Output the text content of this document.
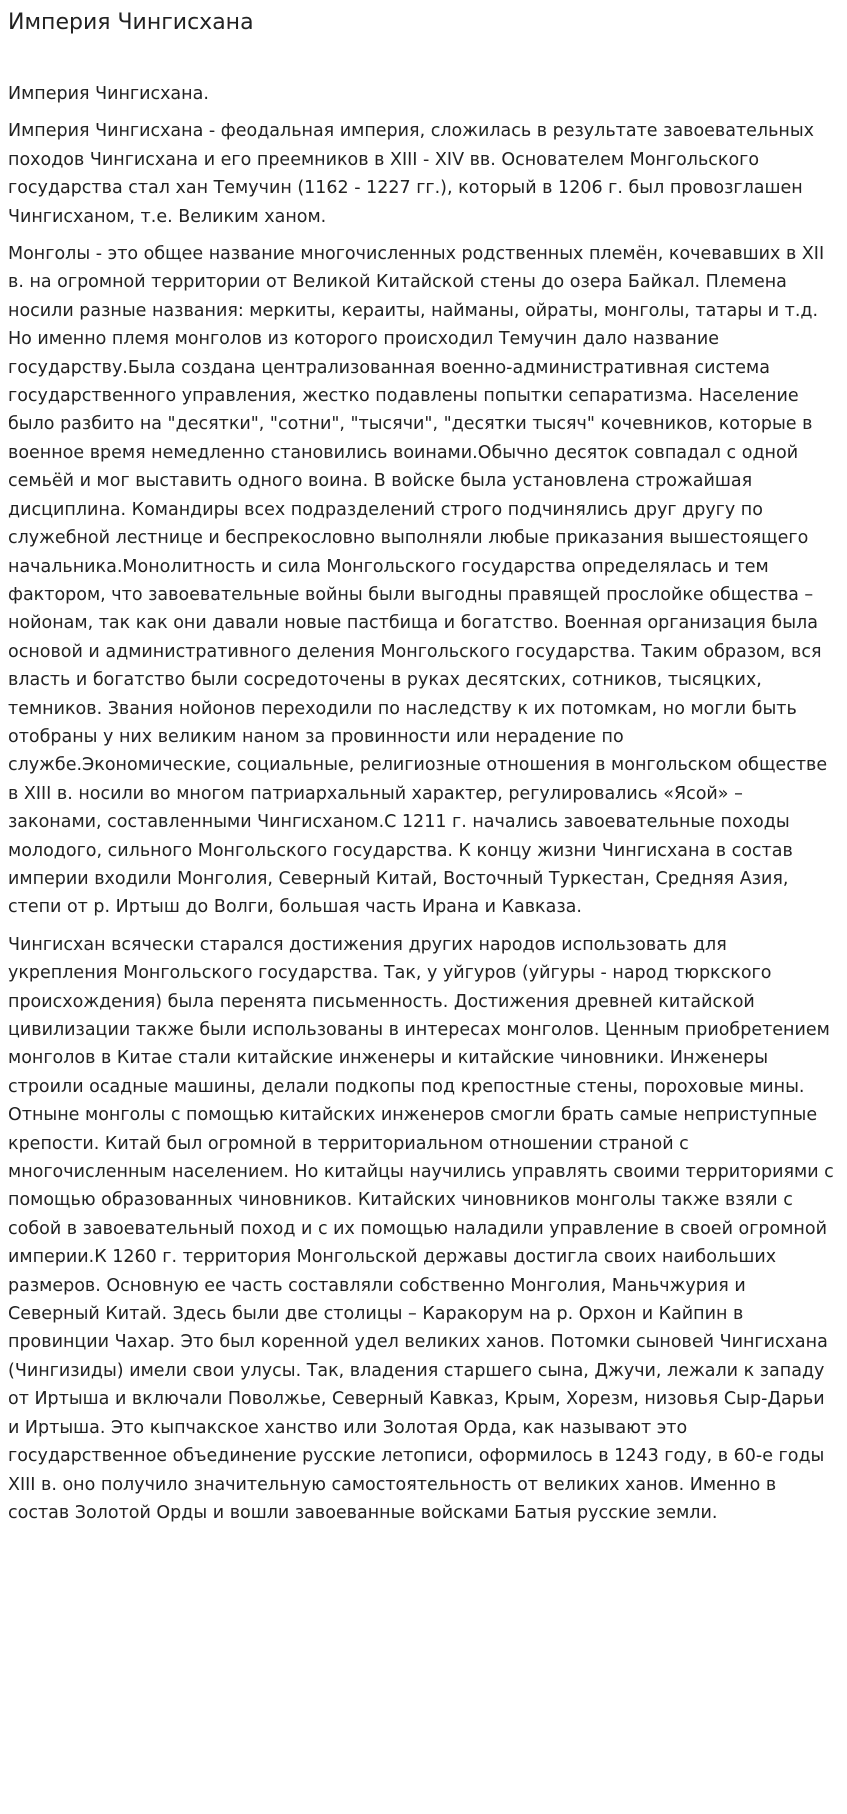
Империя Чингисхана

Империя Чингисхана.

Империя Чингисхана - феодальная империя, сложилась в результате завоевательных походов Чингисхана и его преемников в XIII - XIV вв. Основателем Монгольского государства стал хан Темучин (1162 - 1227 гг.), который в 1206 г. был провозглашен Чингисханом, т.е. Великим ханом.

Монголы - это общее название многочисленных родственных племён, кочевавших в XII в. на огромной территории от Великой Китайской стены до озера Байкал. Племена носили разные названия: меркиты, кераиты, найманы, ойраты, монголы, татары и т.д. Но именно племя монголов из которого происходил Темучин дало название государству.Была создана централизованная военно-административная система государственного управления, жестко подавлены попытки сепаратизма. Население было разбито на "десятки", "сотни", "тысячи", "десятки тысяч" кочевников, которые в военное время немедленно становились воинами.Обычно десяток совпадал с одной семьёй и мог выставить одного воина. В войске была установлена строжайшая дисциплина. Командиры всех подразделений строго подчинялись друг другу по служебной лестнице и беспрекословно выполняли любые приказания вышестоящего начальника.Монолитность и сила Монгольского государства определялась и тем фактором, что завоевательные войны были выгодны правящей прослойке общества – нойонам, так как они давали новые пастбища и богатство. Военная организация была основой и административного деления Монгольского государства. Таким образом, вся власть и богатство были сосредоточены в руках десятских, сотников, тысяцких, темников. Звания нойонов переходили по наследству к их потомкам, но могли быть отобраны у них великим наном за провинности или нерадение по службе.Экономические, социальные, религиозные отношения в монгольском обществе в XIII в. носили во многом патриархальный характер, регулировались «Ясой» – законами, составленными Чингисханом.С 1211 г. начались завоевательные походы молодого, сильного Монгольского государства. К концу жизни Чингисхана в состав империи входили Монголия, Северный Китай, Восточный Туркестан, Средняя Азия, степи от р. Иртыш до Волги, большая часть Ирана и Кавказа.

Чингисхан всячески старался достижения других народов использовать для укрепления Монгольского государства. Так, у уйгуров (уйгуры - народ тюркского происхождения) была перенята письменность. Достижения древней китайской цивилизации также были использованы в интересах монголов. Ценным приобретением монголов в Китае стали китайские инженеры и китайские чиновники. Инженеры строили осадные машины, делали подкопы под крепостные стены, пороховые мины. Отныне монголы с помощью китайских инженеров смогли брать самые неприступные крепости. Китай был огромной в территориальном отношении страной с многочисленным населением. Но китайцы научились управлять своими территориями с помощью образованных чиновников. Китайских чиновников монголы также взяли с собой в завоевательный поход и с их помощью наладили управление в своей огромной империи.К 1260 г. территория Монгольской державы достигла своих наибольших размеров. Основную ее часть составляли собственно Монголия, Маньчжурия и Северный Китай. Здесь были две столицы – Каракорум на р. Орхон и Кайпин в провинции Чахар. Это был коренной удел великих ханов. Потомки сыновей Чингисхана (Чингизиды) имели свои улусы. Так, владения старшего сына, Джучи, лежали к западу от Иртыша и включали Поволжье, Северный Кавказ, Крым, Хорезм, низовья Сыр-Дарьи и Иртыша. Это кыпчакское ханство или Золотая Орда, как называют это государственное объединение русские летописи, оформилось в 1243 году, в 60-е годы XIII в. оно получило значительную самостоятельность от великих ханов. Именно в состав Золотой Орды и вошли завоеванные войсками Батыя русские земли.
